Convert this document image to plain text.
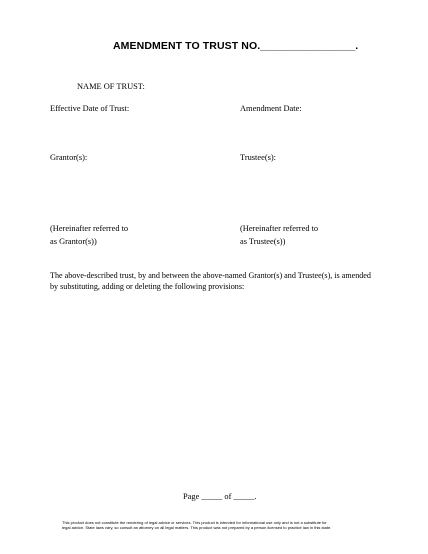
AMENDMENT TO TRUST NO.________________.
NAME OF TRUST:
Effective Date of Trust:	Amendment Date:
Grantor(s):	Trustee(s):
(Hereinafter referred to
as Grantor(s))
(Hereinafter referred to
as Trustee(s))
The above-described trust, by and between the above-named Grantor(s) and Trustee(s), is amended
by substituting, adding or deleting the following provisions:
Page _____ of _____.
This product does not constitute the rendering of legal advice or services. This product is intended for informational use only and is not a substitute for
legal advice. State laws vary, so consult an attorney on all legal matters. This product was not prepared by a person licensed to practice law in this state.
